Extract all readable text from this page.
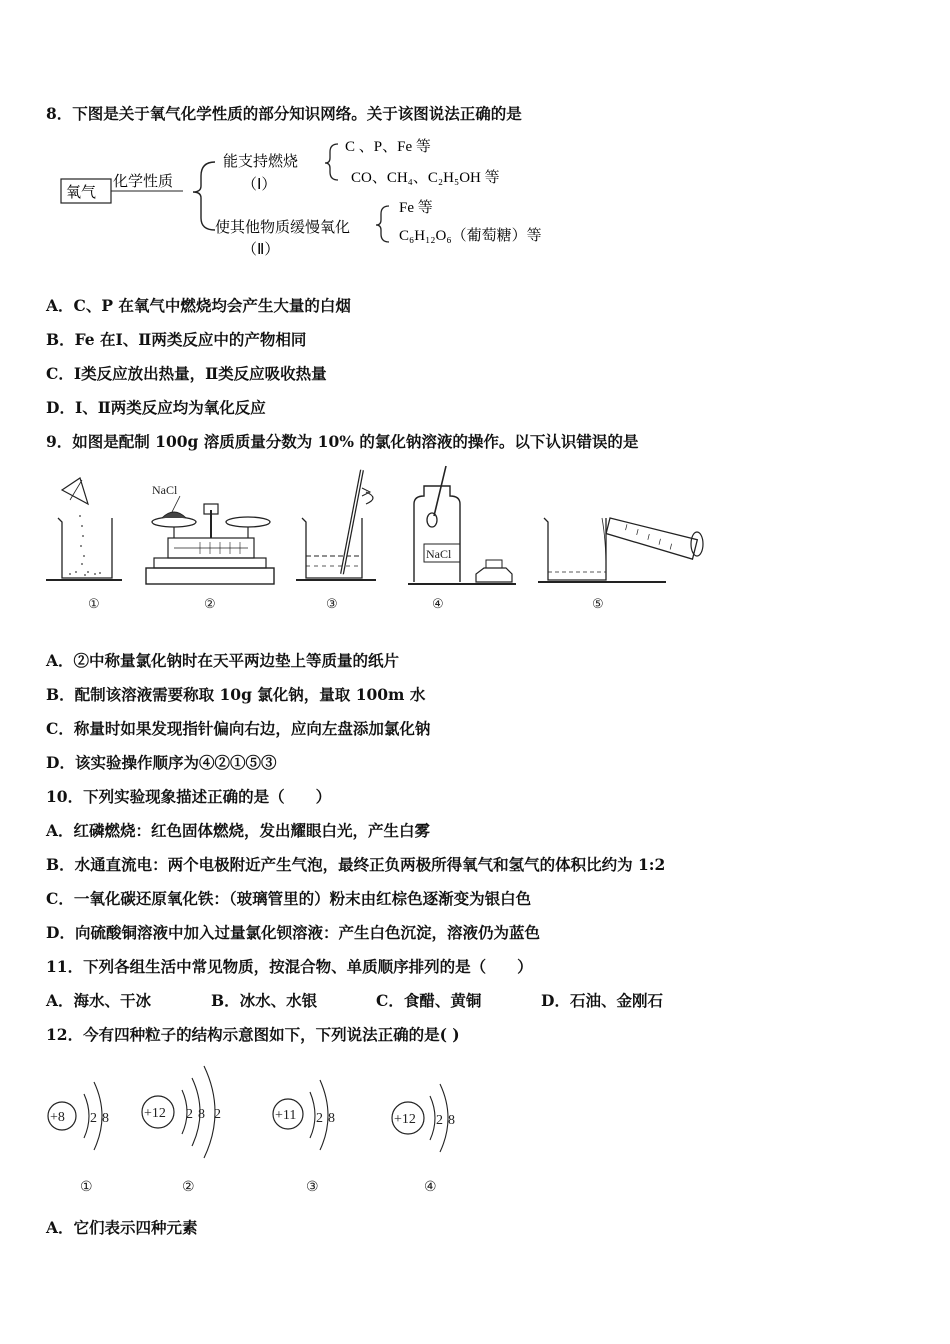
8．下图是关于氧气化学性质的部分知识网络。关于该图说法正确的是
氧气
化学性质
能支持燃烧
（Ⅰ）
C 、P、Fe 等
CO、CH₄、C₂H₅OH 等
使其他物质缓慢氧化
（Ⅱ）
Fe 等
C₆H₁₂O₆（葡萄糖）等
A．C、P 在氧气中燃烧均会产生大量的白烟
B．Fe 在Ⅰ、Ⅱ两类反应中的产物相同
C．Ⅰ类反应放出热量，Ⅱ类反应吸收热量
D．Ⅰ、Ⅱ两类反应均为氧化反应
9．如图是配制 100g 溶质质量分数为 10% 的氯化钠溶液的操作。以下认识错误的是
①
NaCl
②	③
NaCl
④	⑤
A．②中称量氯化钠时在天平两边垫上等质量的纸片
B．配制该溶液需要称取 10g 氯化钠，量取 100m 水
C．称量时如果发现指针偏向右边，应向左盘添加氯化钠
D．该实验操作顺序为④②①⑤③
10．下列实验现象描述正确的是（　　）
A．红磷燃烧：红色固体燃烧，发出耀眼白光，产生白雾
B．水通直流电：两个电极附近产生气泡，最终正负两极所得氧气和氢气的体积比约为 1:2
C．一氧化碳还原氧化铁：（玻璃管里的）粉末由红棕色逐渐变为银白色
D．向硫酸铜溶液中加入过量氯化钡溶液：产生白色沉淀，溶液仍为蓝色
11．下列各组生活中常见物质，按混合物、单质顺序排列的是（　　）
A．海水、干冰	B．冰水、水银	C．食醋、黄铜	D．石油、金刚石
12．今有四种粒子的结构示意图如下，下列说法正确的是( )
+8 2 8
①
+12 2 8 2
②
+11 2 8
③
+12 2 8
④
A．它们表示四种元素
